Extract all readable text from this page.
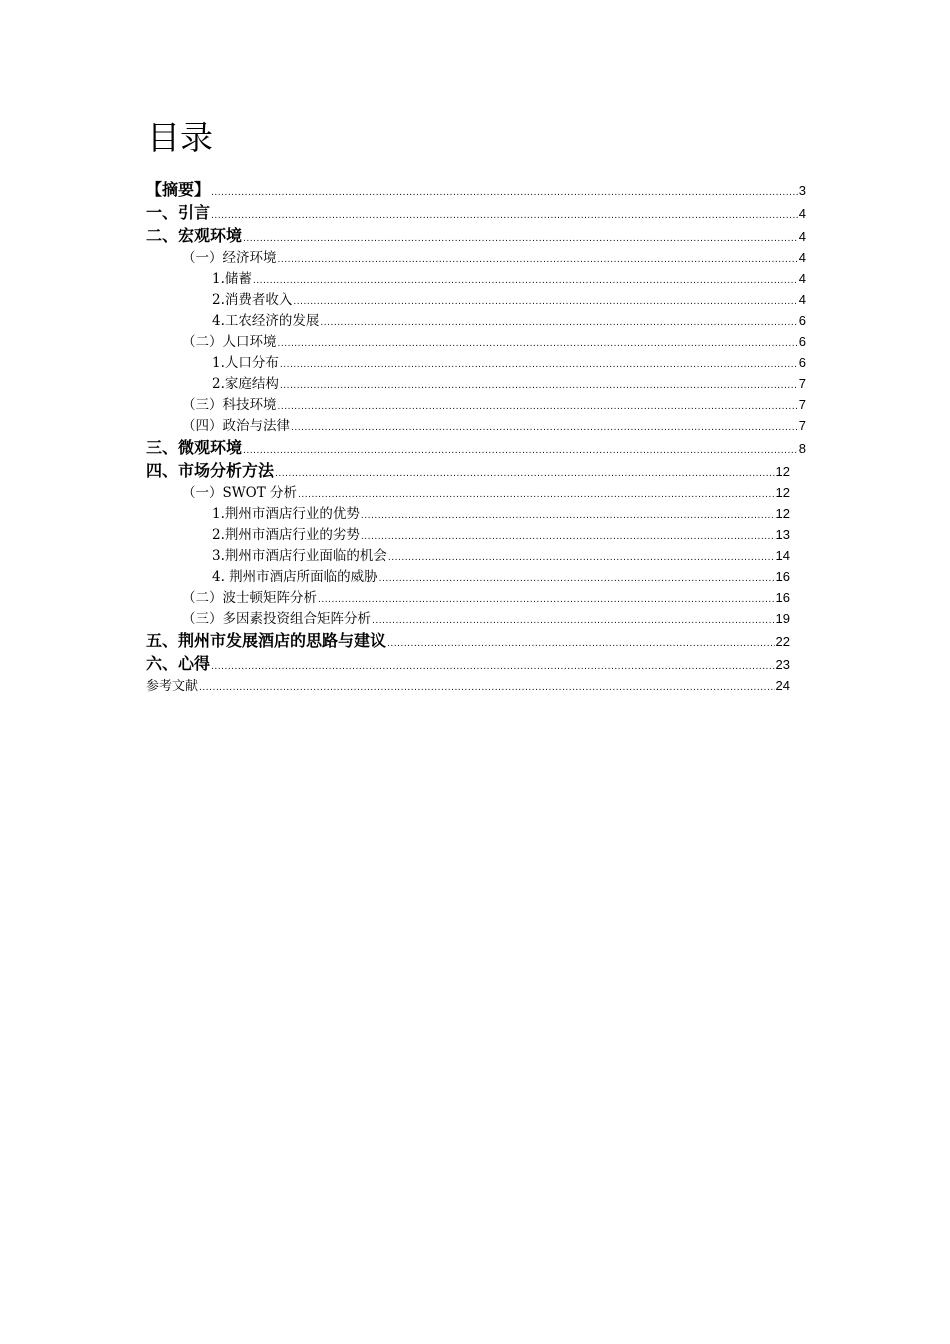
目录
【摘要】 .....	3
一、引言 .....	4
二、宏观环境 .....	4
（一）经济环境 .....	4
1.储蓄 .....	4
2.消费者收入 .....	4
4.工农经济的发展 .....	6
（二）人口环境 .....	6
1.人口分布 .....	6
2.家庭结构 .....	7
（三）科技环境 .....	7
（四）政治与法律 .....	7
三、微观环境 .....	8
四、市场分析方法 .....	12
（一）SWOT 分析 .....	12
1.荆州市酒店行业的优势 .....	12
2.荆州市酒店行业的劣势 .....	13
3.荆州市酒店行业面临的机会 .....	14
4. 荆州市酒店所面临的威胁 .....	16
（二）波士顿矩阵分析 .....	16
（三）多因素投资组合矩阵分析 .....	19
五、荆州市发展酒店的思路与建议 .....	22
六、心得 .....	23
参考文献 .....	24
